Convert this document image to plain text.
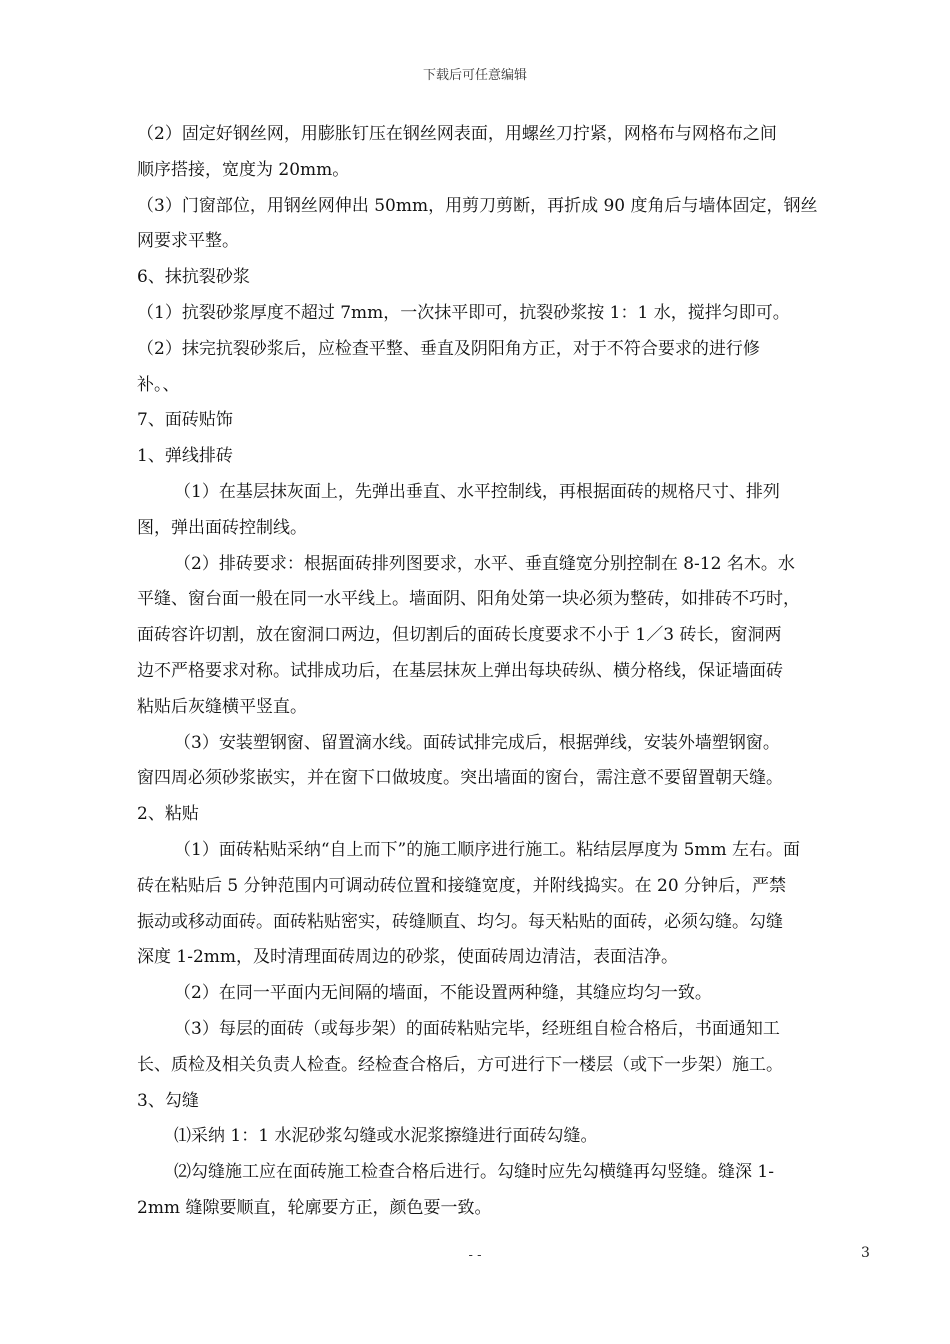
下载后可任意编辑
（2）固定好钢丝网，用膨胀钉压在钢丝网表面，用螺丝刀拧紧，网格布与网格布之间
顺序搭接，宽度为 20mm。
（3）门窗部位，用钢丝网伸出 50mm，用剪刀剪断，再折成 90 度角后与墙体固定，钢丝
网要求平整。
6、抹抗裂砂浆
（1）抗裂砂浆厚度不超过 7mm，一次抹平即可，抗裂砂浆按 1：1 水，搅拌匀即可。
（2）抹完抗裂砂浆后，应检查平整、垂直及阴阳角方正，对于不符合要求的进行修
补。、
7、面砖贴饰
1、弹线排砖
（1）在基层抹灰面上，先弹出垂直、水平控制线，再根据面砖的规格尺寸、排列
图，弹出面砖控制线。
（2）排砖要求：根据面砖排列图要求，水平、垂直缝宽分别控制在 8-12 名木。水
平缝、窗台面一般在同一水平线上。墙面阴、阳角处第一块必须为整砖，如排砖不巧时，
面砖容许切割，放在窗洞口两边，但切割后的面砖长度要求不小于 1／3 砖长，窗洞两
边不严格要求对称。试排成功后，在基层抹灰上弹出每块砖纵、横分格线，保证墙面砖
粘贴后灰缝横平竖直。
（3）安装塑钢窗、留置滴水线。面砖试排完成后，根据弹线，安装外墙塑钢窗。
窗四周必须砂浆嵌实，并在窗下口做坡度。突出墙面的窗台，需注意不要留置朝天缝。
2、粘贴
（1）面砖粘贴采纳“自上而下”的施工顺序进行施工。粘结层厚度为 5mm 左右。面
砖在粘贴后 5 分钟范围内可调动砖位置和接缝宽度，并附线捣实。在 20 分钟后，严禁
振动或移动面砖。面砖粘贴密实，砖缝顺直、均匀。每天粘贴的面砖，必须勾缝。勾缝
深度 1-2mm，及时清理面砖周边的砂浆，使面砖周边清洁，表面洁净。
（2）在同一平面内无间隔的墙面，不能设置两种缝，其缝应均匀一致。
（3）每层的面砖（或每步架）的面砖粘贴完毕，经班组自检合格后，书面通知工
长、质检及相关负责人检查。经检查合格后，方可进行下一楼层（或下一步架）施工。
3、勾缝
⑴采纳 1：1 水泥砂浆勾缝或水泥浆擦缝进行面砖勾缝。
⑵勾缝施工应在面砖施工检查合格后进行。勾缝时应先勾横缝再勾竖缝。缝深 1-
2mm 缝隙要顺直，轮廓要方正，颜色要一致。
- -	3
